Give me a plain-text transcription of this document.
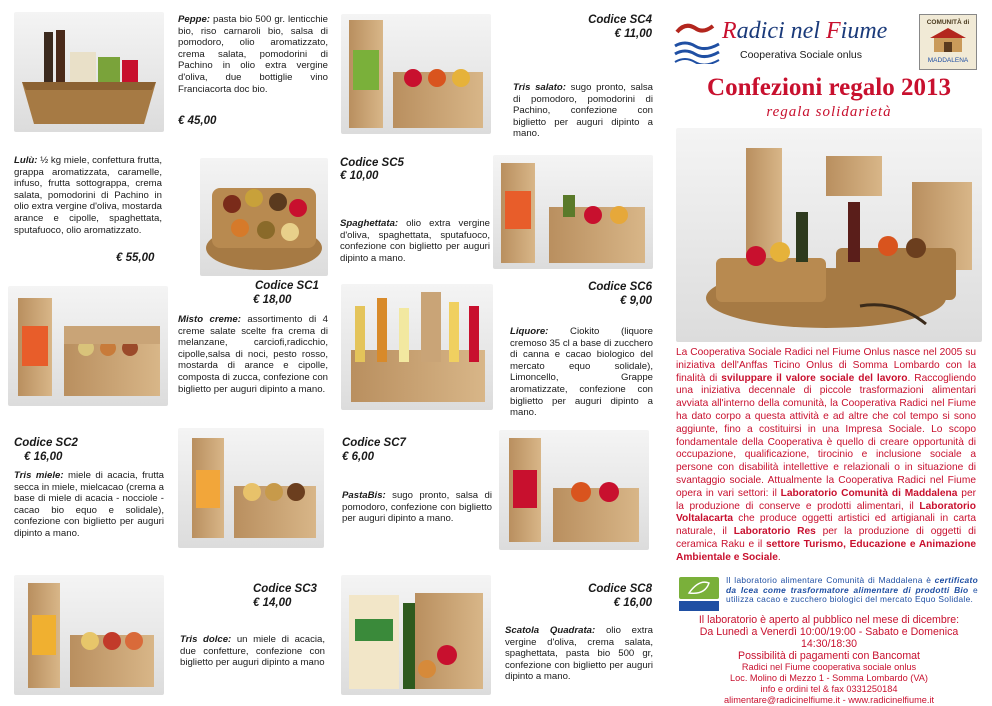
Lulù: ½ kg miele, confettura frutta, grappa aromatizzata, caramelle, infuso, frutta sottograppa, crema salata, pomodorini di Pachino in olio extra vergine d'oliva, mostarda arance e cipolle, spaghettata, sputafuoco, olio aromatizzato.
€ 55,00
Codice SC2
€ 16,00
Tris miele: miele di acacia, frutta secca in miele, mielcacao (crema a base di miele di acacia - nocciole - cacao bio equo e solidale), confezione con biglietto per auguri dipinto a mano.
Peppe: pasta bio 500 gr. lenticchie bio, riso carnaroli bio, salsa di pomodoro, olio aromatizzato, crema salata, pomodorini di Pachino in olio extra vergine d'oliva, due bottiglie vino Franciacorta doc bio.
€ 45,00
Codice SC1
€ 18,00
Misto creme: assortimento di 4 creme salate scelte fra crema di melanzane, carciofi,radicchio, cipolle,salsa di noci, pesto rosso, mostarda di arance e cipolle, composta di zucca, confezione con biglietto per auguri dipinto a mano.
Codice SC3
€ 14,00
Tris dolce: un miele di acacia, due confetture, confezione con biglietto per auguri dipinto a mano
Codice SC5
€ 10,00
Spaghettata: olio extra vergine d'oliva, spaghettata, sputafuoco, confezione con biglietto per auguri dipinto a mano.
Codice SC7
€ 6,00
PastaBis: sugo pronto, salsa di pomodoro, confezione con biglietto per auguri dipinto a mano.
Codice SC4
€ 11,00
Tris salato: sugo pronto, salsa di pomodoro, pomodorini di Pachino, confezione con biglietto per auguri dipinto a mano.
Codice SC6
€ 9,00
Liquore: Ciokito (liquore cremoso 35 cl a base di zucchero di canna e cacao biologico del mercato equo solidale), Limoncello, Grappe aromatizzate, confezione con biglietto per auguri dipinto a mano.
Codice SC8
€ 16,00
Scatola Quadrata: olio extra vergine d'oliva, crema salata, spaghettata, pasta bio 500 gr, confezione con biglietto per auguri dipinto a mano.
Radici nel Fiume
Cooperativa Sociale onlus
COMUNITÀ di
MADDALENA
Confezioni regalo 2013
regala solidarietà
La Cooperativa Sociale Radici nel Fiume Onlus nasce nel 2005 su iniziativa dell'Anffas Ticino Onlus di Somma Lombardo con la finalità di sviluppare il valore sociale del lavoro. Raccogliendo una iniziativa decennale di piccole trasformazioni alimentari avviata all'interno della comunità, la Cooperativa Radici nel Fiume ha dato corpo a questa attività e ad altre che col tempo si sono aggiunte, fino a costituirsi in una Impresa Sociale. Lo scopo fondamentale della Cooperativa è quello di creare opportunità di occupazione, qualificazione, tirocinio e inclusione sociale a persone con disabilità intellettive e relazionali o in situazione di svantaggio sociale. Attualmente la Cooperativa Radici nel Fiume opera in vari settori: il Laboratorio Comunità di Maddalena per la produzione di conserve e prodotti alimentari, il Laboratorio Voltalacarta che produce oggetti artistici ed artigianali in carta naturale, il Laboratorio Res per la produzione di oggetti di ceramica Raku e il settore Turismo, Educazione e Animazione Ambientale e Sociale.
Il laboratorio alimentare Comunità di Maddalena è certificato da Icea come trasformatore alimentare di prodotti Bio e utilizza cacao e zucchero biologici del mercato Equo Solidale.

Il laboratorio è aperto al pubblico nel mese di dicembre:

Da Lunedì a Venerdì 10:00/19:00 - Sabato e Domenica 14:30/18:30

Possibilità di pagamenti con Bancomat

Radici nel Fiume cooperativa sociale onlus

Loc. Molino di Mezzo 1 - Somma Lombardo (VA)

info e ordini tel & fax 0331250184

alimentare@radicinelfiume.it - www.radicinelfiume.it
